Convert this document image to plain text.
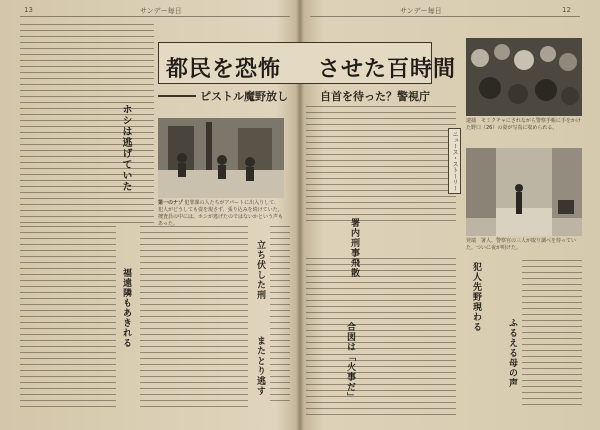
13	サンデー毎日	サンデー毎日	12
都民を恐怖 させた百時間
ピストル魔野放し	自首を待った？警視庁
第一のナゾ 犯罪課の人たちがアパートに出入りして、犯人がどうしても姿を現さず、張り込みを続けていた。捜査員の中には、ホシが逃げたのではないかという声もあった。
ホシは逃げていた
福遠隣もあきれる	立ち伏した刑
またとり逃す
ニュース・ストーリー
署内刑事飛散
逮捕　モミクチャにされながら警察手帳に手をかけた野口（26）の姿が写真に収められる。
発端　署人、警察官の三人が取り調べを待っていた。ついに夜が明けた。
合図は「火事だ」
犯人先野現わる
ふるえる母の声
